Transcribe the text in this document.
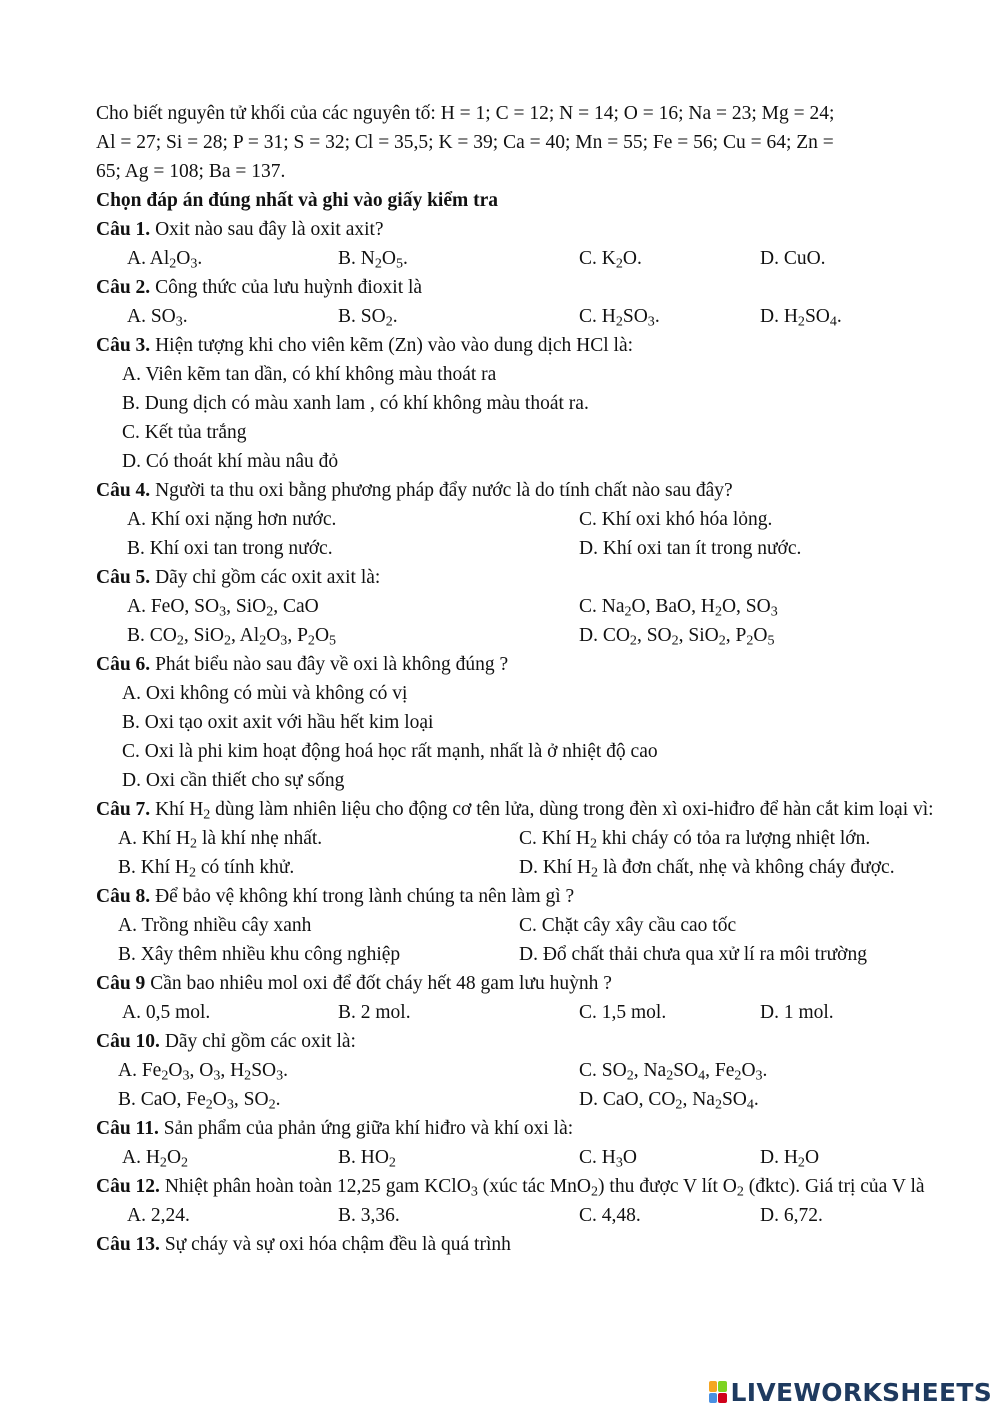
Cho biết nguyên tử khối của các nguyên tố: H = 1; C = 12; N = 14; O = 16; Na = 23; Mg = 24;
Al = 27; Si = 28; P = 31; S = 32; Cl = 35,5; K = 39; Ca = 40; Mn = 55; Fe = 56; Cu = 64; Zn =
65; Ag = 108; Ba = 137.
Chọn đáp án đúng nhất và ghi vào giấy kiểm tra
Câu 1. Oxit nào sau đây là oxit axit?
A. $Al_2O_3$.	B. $N_2O_5$.	C. $K_2O$.	D. CuO.
Câu 2. Công thức của lưu huỳnh đioxit là
A. $SO_3$.	B. $SO_2$.	C. $H_2SO_3$.	D. $H_2SO_4$.
Câu 3. Hiện tượng khi cho viên kẽm (Zn) vào vào dung dịch HCl là:
A. Viên kẽm tan dần, có khí không màu thoát ra
B. Dung dịch có màu xanh lam , có khí không màu thoát ra.
C. Kết tủa trắng
D. Có thoát khí màu nâu đỏ
Câu 4. Người ta thu oxi bằng phương pháp đẩy nước là do tính chất nào sau đây?
A. Khí oxi nặng hơn nước.	C. Khí oxi khó hóa lỏng.
B. Khí oxi tan trong nước.	D. Khí oxi tan ít trong nước.
Câu 5. Dãy chỉ gồm các oxit axit là:
A. FeO, $SO_3$, SiO$_2$, CaO	C. $Na_2O$, BaO, $H_2O$, $SO_3$
B. $CO_2$, SiO$_2$, $Al_2O_3$, $P_2O_5$	D. $CO_2$, $SO_2$, SiO$_2$, $P_2O_5$
Câu 6. Phát biểu nào sau đây về oxi là không đúng ?
A. Oxi không có mùi và không có vị
B. Oxi tạo oxit axit với hầu hết kim loại
C. Oxi là phi kim hoạt động hoá học rất mạnh, nhất là ở nhiệt độ cao
D. Oxi cần thiết cho sự sống
Câu 7. Khí $H_2$ dùng làm nhiên liệu cho động cơ tên lửa, dùng trong đèn xì oxi-hiđro để hàn cắt kim loại vì:
A. Khí $H_2$ là khí nhẹ nhất.	C. Khí $H_2$ khi cháy có tỏa ra lượng nhiệt lớn.
B. Khí $H_2$ có tính khử.	D. Khí $H_2$ là đơn chất, nhẹ và không cháy được.
Câu 8. Để bảo vệ không khí trong lành chúng ta nên làm gì ?
A. Trồng nhiều cây xanh	C. Chặt cây xây cầu cao tốc
B. Xây thêm nhiều khu công nghiệp	D. Đổ chất thải chưa qua xử lí ra môi trường
Câu 9 Cần bao nhiêu mol oxi để đốt cháy hết 48 gam lưu huỳnh ?
A. 0,5 mol.	B. 2 mol.	C. 1,5 mol.	D. 1 mol.
Câu 10. Dãy chỉ gồm các oxit là:
A. $Fe_2O_3$, $O_3$, $H_2SO_3$.	C. $SO_2$, $Na_2SO_4$, $Fe_2O_3$.
B. CaO, $Fe_2O_3$, $SO_2$.	D. CaO, $CO_2$, $Na_2SO_4$.
Câu 11. Sản phẩm của phản ứng giữa khí hiđro và khí oxi là:
A. $H_2O_2$	B. $HO_2$	C. $H_3O$	D. $H_2O$
Câu 12. Nhiệt phân hoàn toàn 12,25 gam KClO$_3$ (xúc tác MnO$_2$) thu được V lít $O_2$ (đktc). Giá trị của V là
A. 2,24.	B. 3,36.	C. 4,48.	D. 6,72.
Câu 13. Sự cháy và sự oxi hóa chậm đều là quá trình
LIVEWORKSHEETS
